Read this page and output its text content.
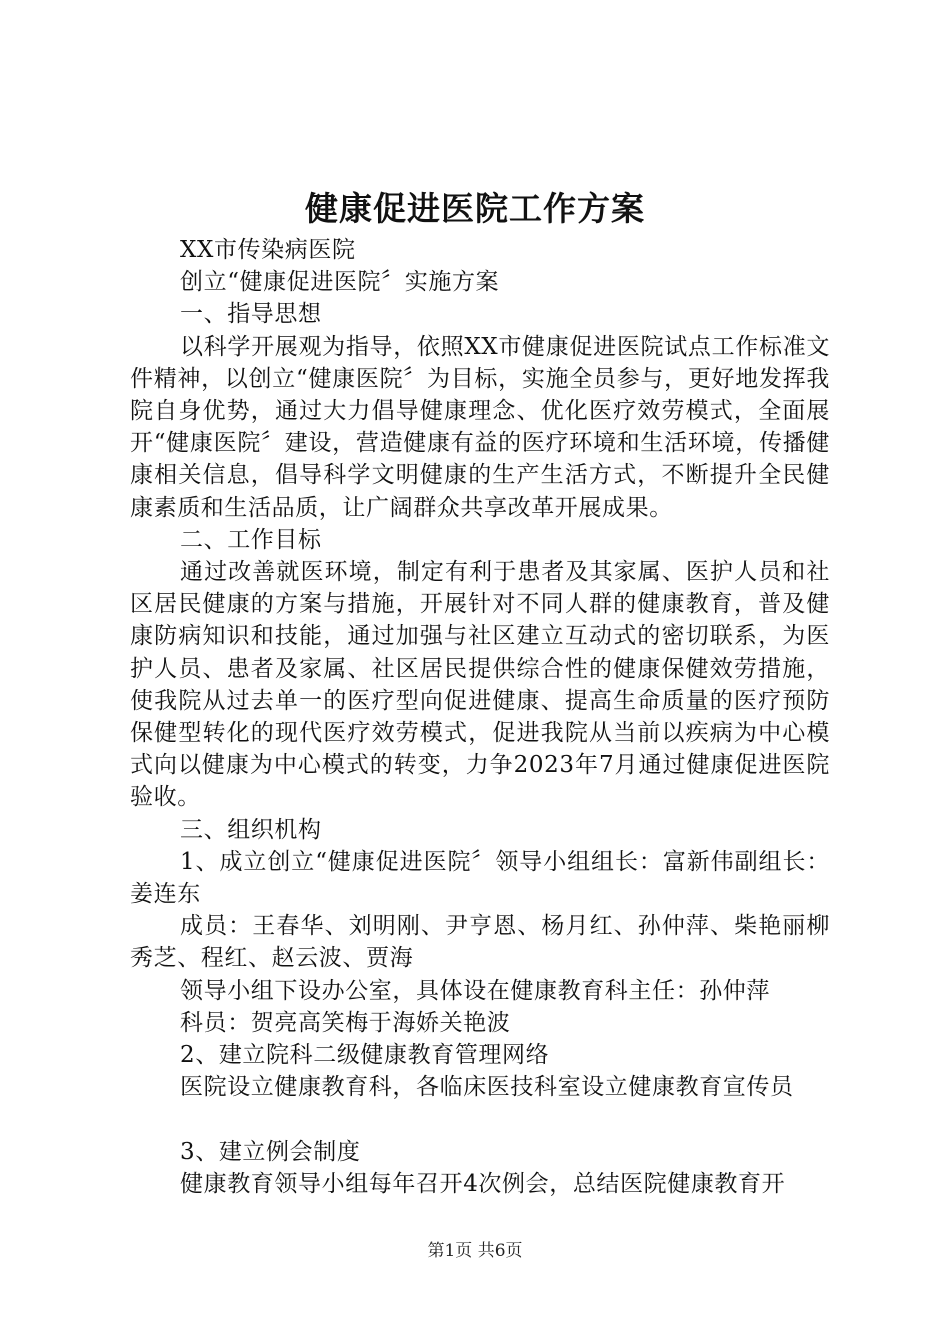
健康促进医院工作方案

XX市传染病医院

创立“健康促进医院〞实施方案

一、指导思想

以科学开展观为指导，依照XX市健康促进医院试点工作标准文件精神，以创立“健康医院〞为目标，实施全员参与，更好地发挥我院自身优势，通过大力倡导健康理念、优化医疗效劳模式，全面展开“健康医院〞建设，营造健康有益的医疗环境和生活环境，传播健康相关信息，倡导科学文明健康的生产生活方式，不断提升全民健康素质和生活品质，让广阔群众共享改革开展成果。

二、工作目标

通过改善就医环境，制定有利于患者及其家属、医护人员和社区居民健康的方案与措施，开展针对不同人群的健康教育，普及健康防病知识和技能，通过加强与社区建立互动式的密切联系，为医护人员、患者及家属、社区居民提供综合性的健康保健效劳措施，使我院从过去单一的医疗型向促进健康、提高生命质量的医疗预防保健型转化的现代医疗效劳模式，促进我院从当前以疾病为中心模式向以健康为中心模式的转变，力争2023年7月通过健康促进医院验收。

三、组织机构

1、成立创立“健康促进医院〞领导小组组长：富新伟副组长：姜连东

成员：王春华、刘明刚、尹亨恩、杨月红、孙仲萍、柴艳丽柳秀芝、程红、赵云波、贾海

领导小组下设办公室，具体设在健康教育科主任：孙仲萍

科员：贺亮高笑梅于海娇关艳波

2、建立院科二级健康教育管理网络

医院设立健康教育科，各临床医技科室设立健康教育宣传员

3、建立例会制度

健康教育领导小组每年召开4次例会，总结医院健康教育开

第1页 共6页
